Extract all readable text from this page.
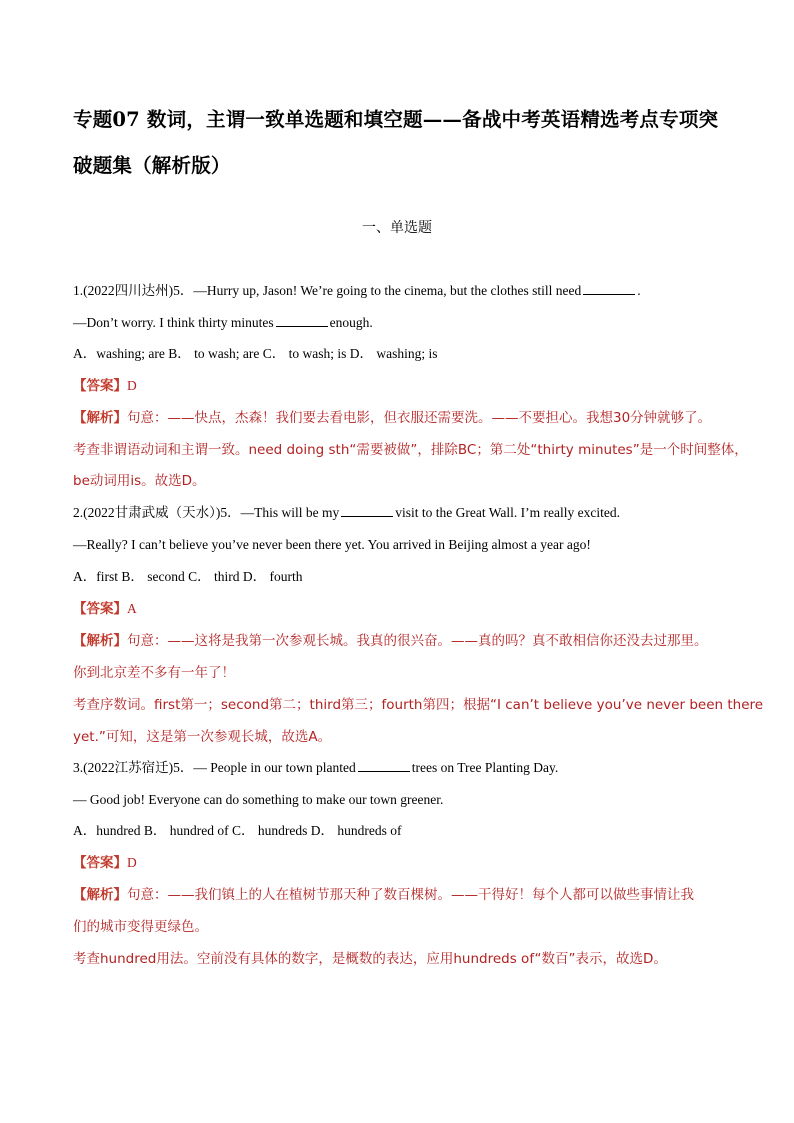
专题07 数词，主谓一致单选题和填空题——备战中考英语精选考点专项突
破题集（解析版）
一、单选题
1.(2022四川达州)5．—Hurry up, Jason! We’re going to the cinema, but the clothes still need	.
—Don’t worry. I think thirty minutes	enough.
A．washing; are B． to wash; are C． to wash; is D． washing; is
【答案】D
【解析】句意：——快点，杰森！我们要去看电影，但衣服还需要洗。——不要担心。我想30分钟就够了。
考查非谓语动词和主谓一致。need doing sth“需要被做”，排除BC；第二处“thirty minutes”是一个时间整体，
be动词用is。故选D。
2.(2022甘肃武威（天水）)5．—This will be my	visit to the Great Wall. I’m really excited.
—Really? I can’t believe you’ve never been there yet. You arrived in Beijing almost a year ago!
A．first B． second C． third D． fourth
【答案】A
【解析】句意：——这将是我第一次参观长城。我真的很兴奋。——真的吗？真不敢相信你还没去过那里。
你到北京差不多有一年了！
考查序数词。first第一；second第二；third第三；fourth第四；根据“I can’t believe you’ve never been there
yet.”可知，这是第一次参观长城，故选A。
3.(2022江苏宿迁)5．— People in our town planted	trees on Tree Planting Day.
— Good job! Everyone can do something to make our town greener.
A．hundred B． hundred of C． hundreds D． hundreds of
【答案】D
【解析】句意：——我们镇上的人在植树节那天种了数百棵树。——干得好！每个人都可以做些事情让我
们的城市变得更绿色。
考查hundred用法。空前没有具体的数字，是概数的表达，应用hundreds of“数百”表示，故选D。
